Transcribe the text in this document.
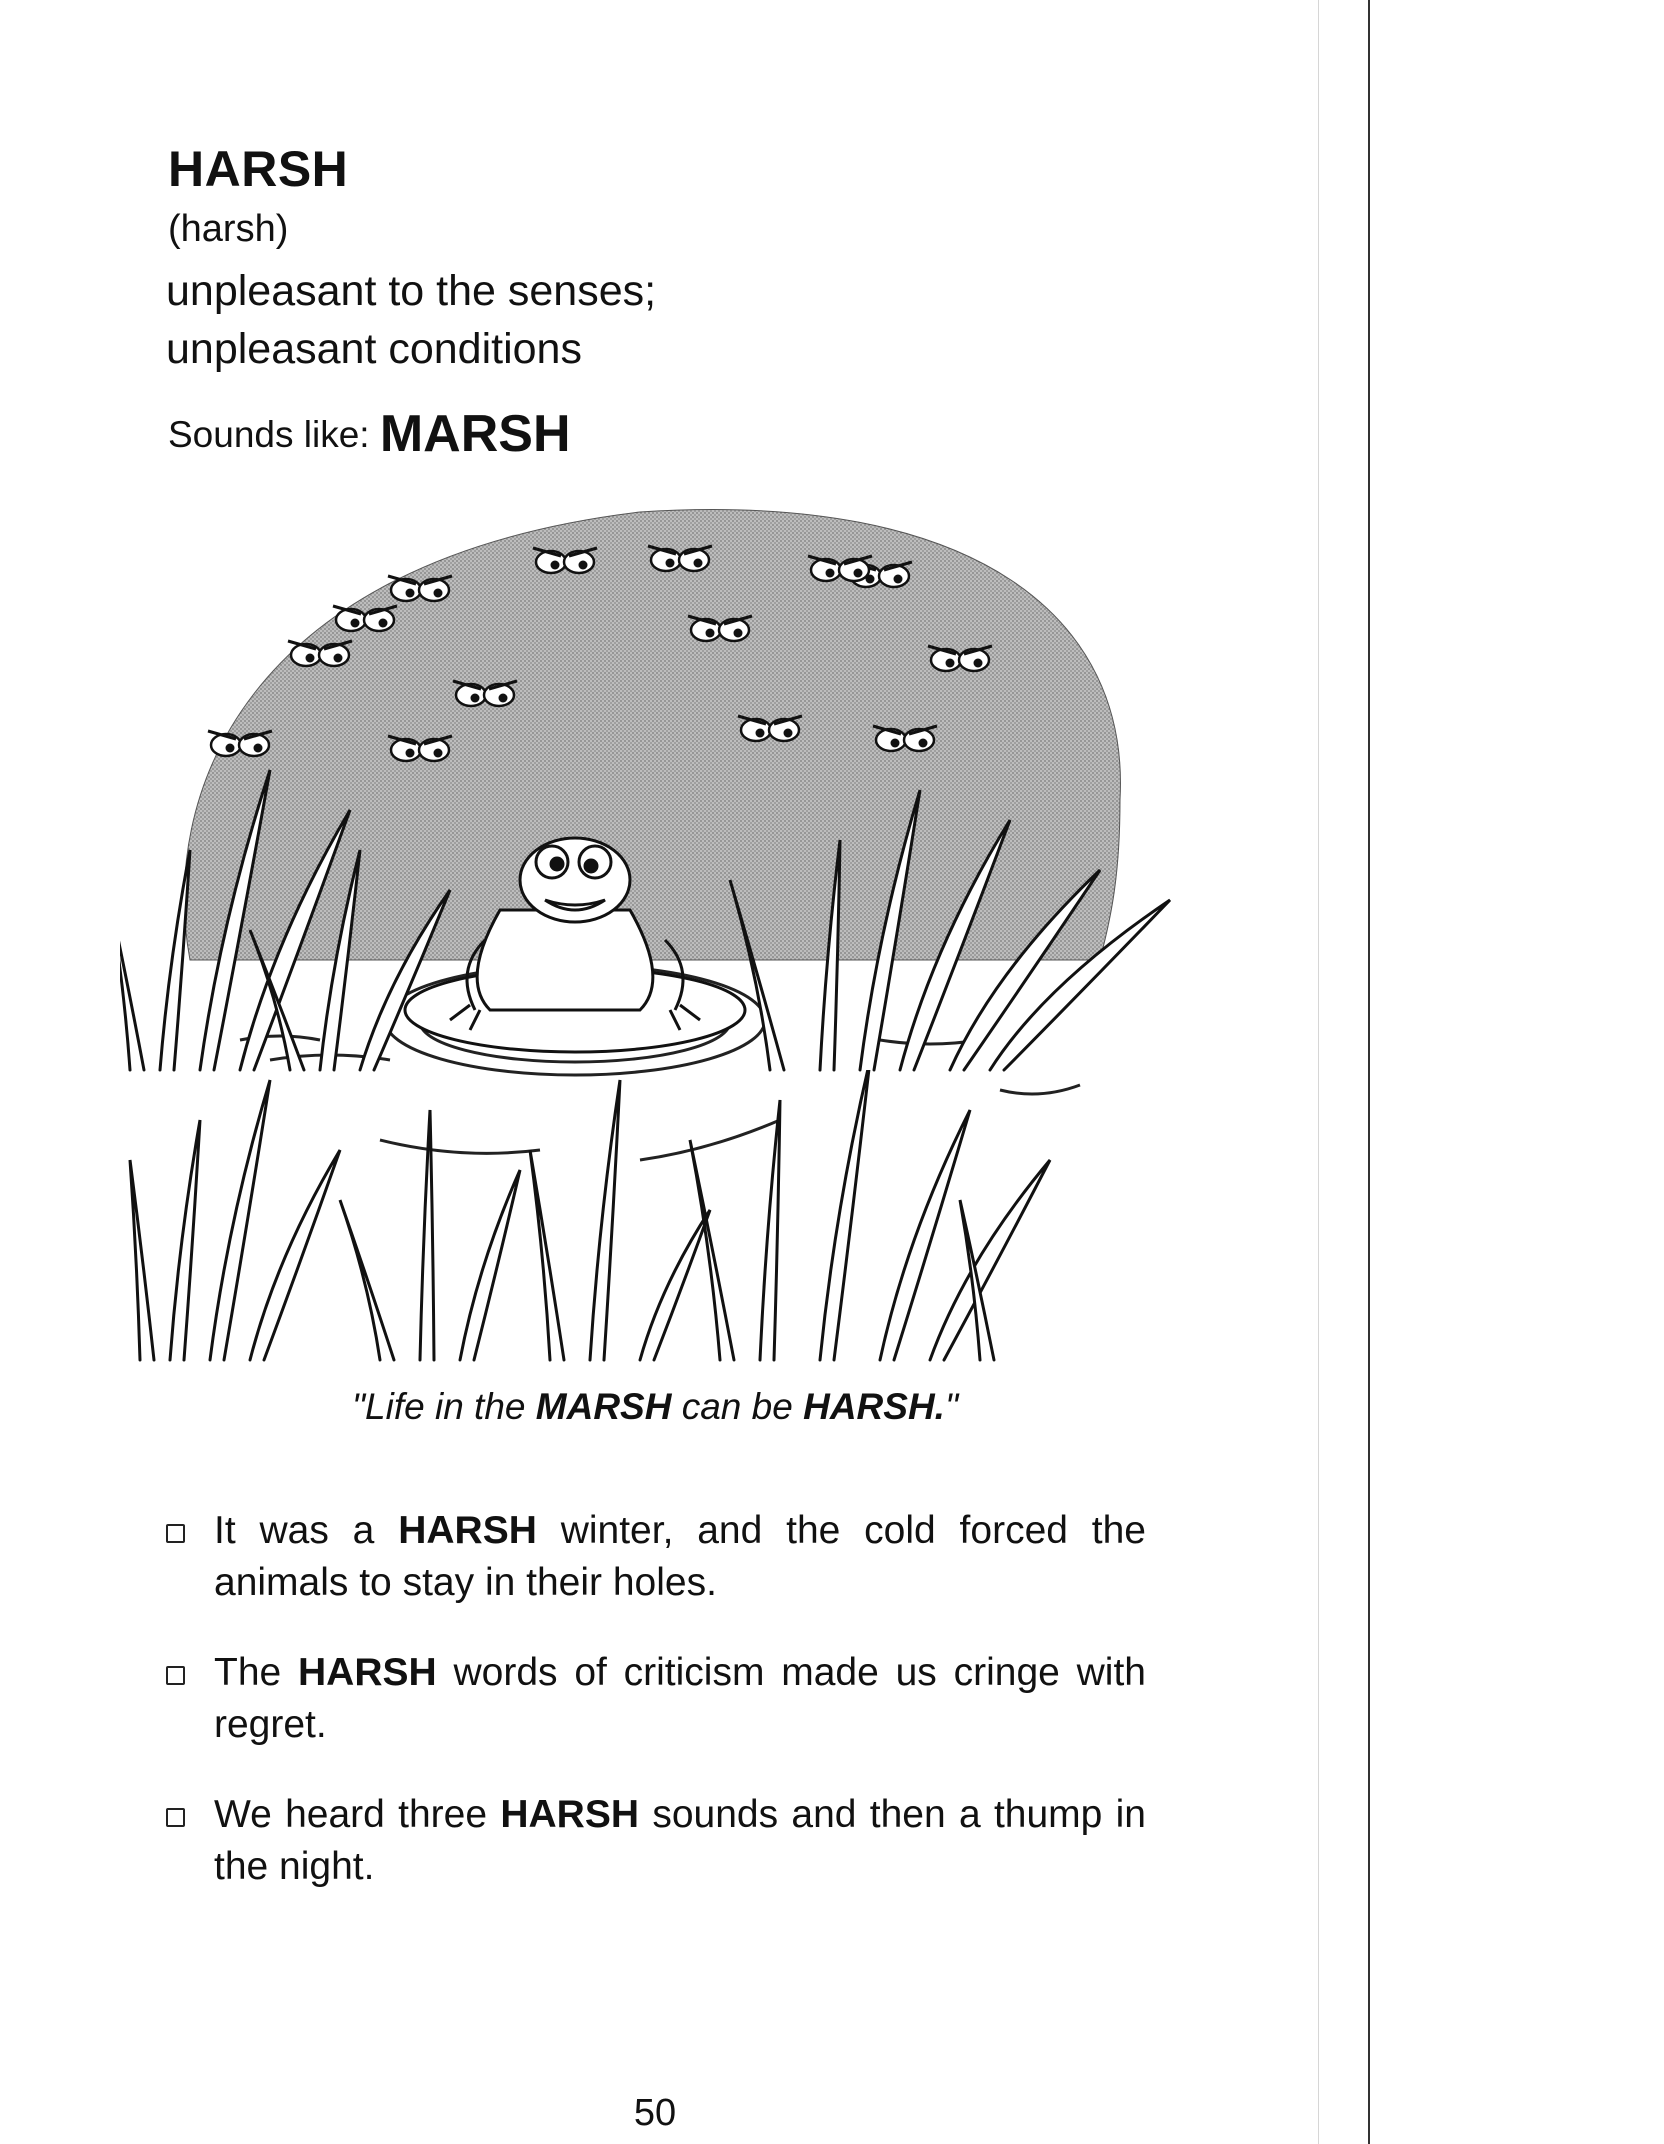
HARSH
(harsh)
unpleasant to the senses;
unpleasant conditions
Sounds like: MARSH
"Life in the MARSH can be HARSH."
It was a HARSH winter, and the cold forced the animals to stay in their holes.
The HARSH words of criticism made us cringe with regret.
We heard three HARSH sounds and then a thump in the night.
50
